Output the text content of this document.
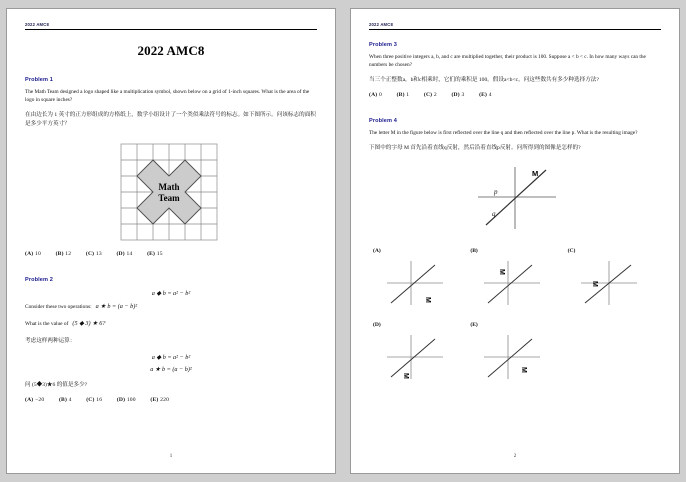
2022 AMC8
2022 AMC8
Problem 1
The Math Team designed a logo shaped like a multiplication symbol, shown below on a grid of 1-inch squares. What is the area of the logo in square inches?
在由边长为 1 英寸的正方形组成的方格纸上，数学小组设计了一个类似乘法符号的标志。如下图所示。问该标志的面积是多少平方英寸？
Math
Team
(A) 10	(B) 12	(C) 13	(D) 14	(E) 15
Problem 2
a ◆ b = a² − b²
Consider these two operations: a ★ b = (a − b)²
What is the value of (5 ◆ 3) ★ 6?
考虑这样两种运算：
a ◆ b = a² − b²
a ★ b = (a − b)²
问 (5◆3)★6 的值是多少?
(A) −20	(B) 4	(C) 16	(D) 100	(E) 220
1
2022 AMC8
Problem 3
When three positive integers a, b, and c are multiplied together, their product is 100. Suppose a < b < c. In how many ways can the numbers be chosen?
当三个正整数a，b和c相乘时，它们的乘积是 100。假设a<b<c。问这些数共有多少种选择方法?
(A) 0	(B) 1	(C) 2	(D) 3	(E) 4
Problem 4
The letter M in the figure below is first reflected over the line q and then reflected over the line p. What is the resulting image?
下图中的字母 M 首先沿着直线q反射，然后沿着直线p反射。问所得到的图像是怎样的?
p
q
M
(A)
M
(B)
M
(C)
M
(D)
M
(E)
M
2
